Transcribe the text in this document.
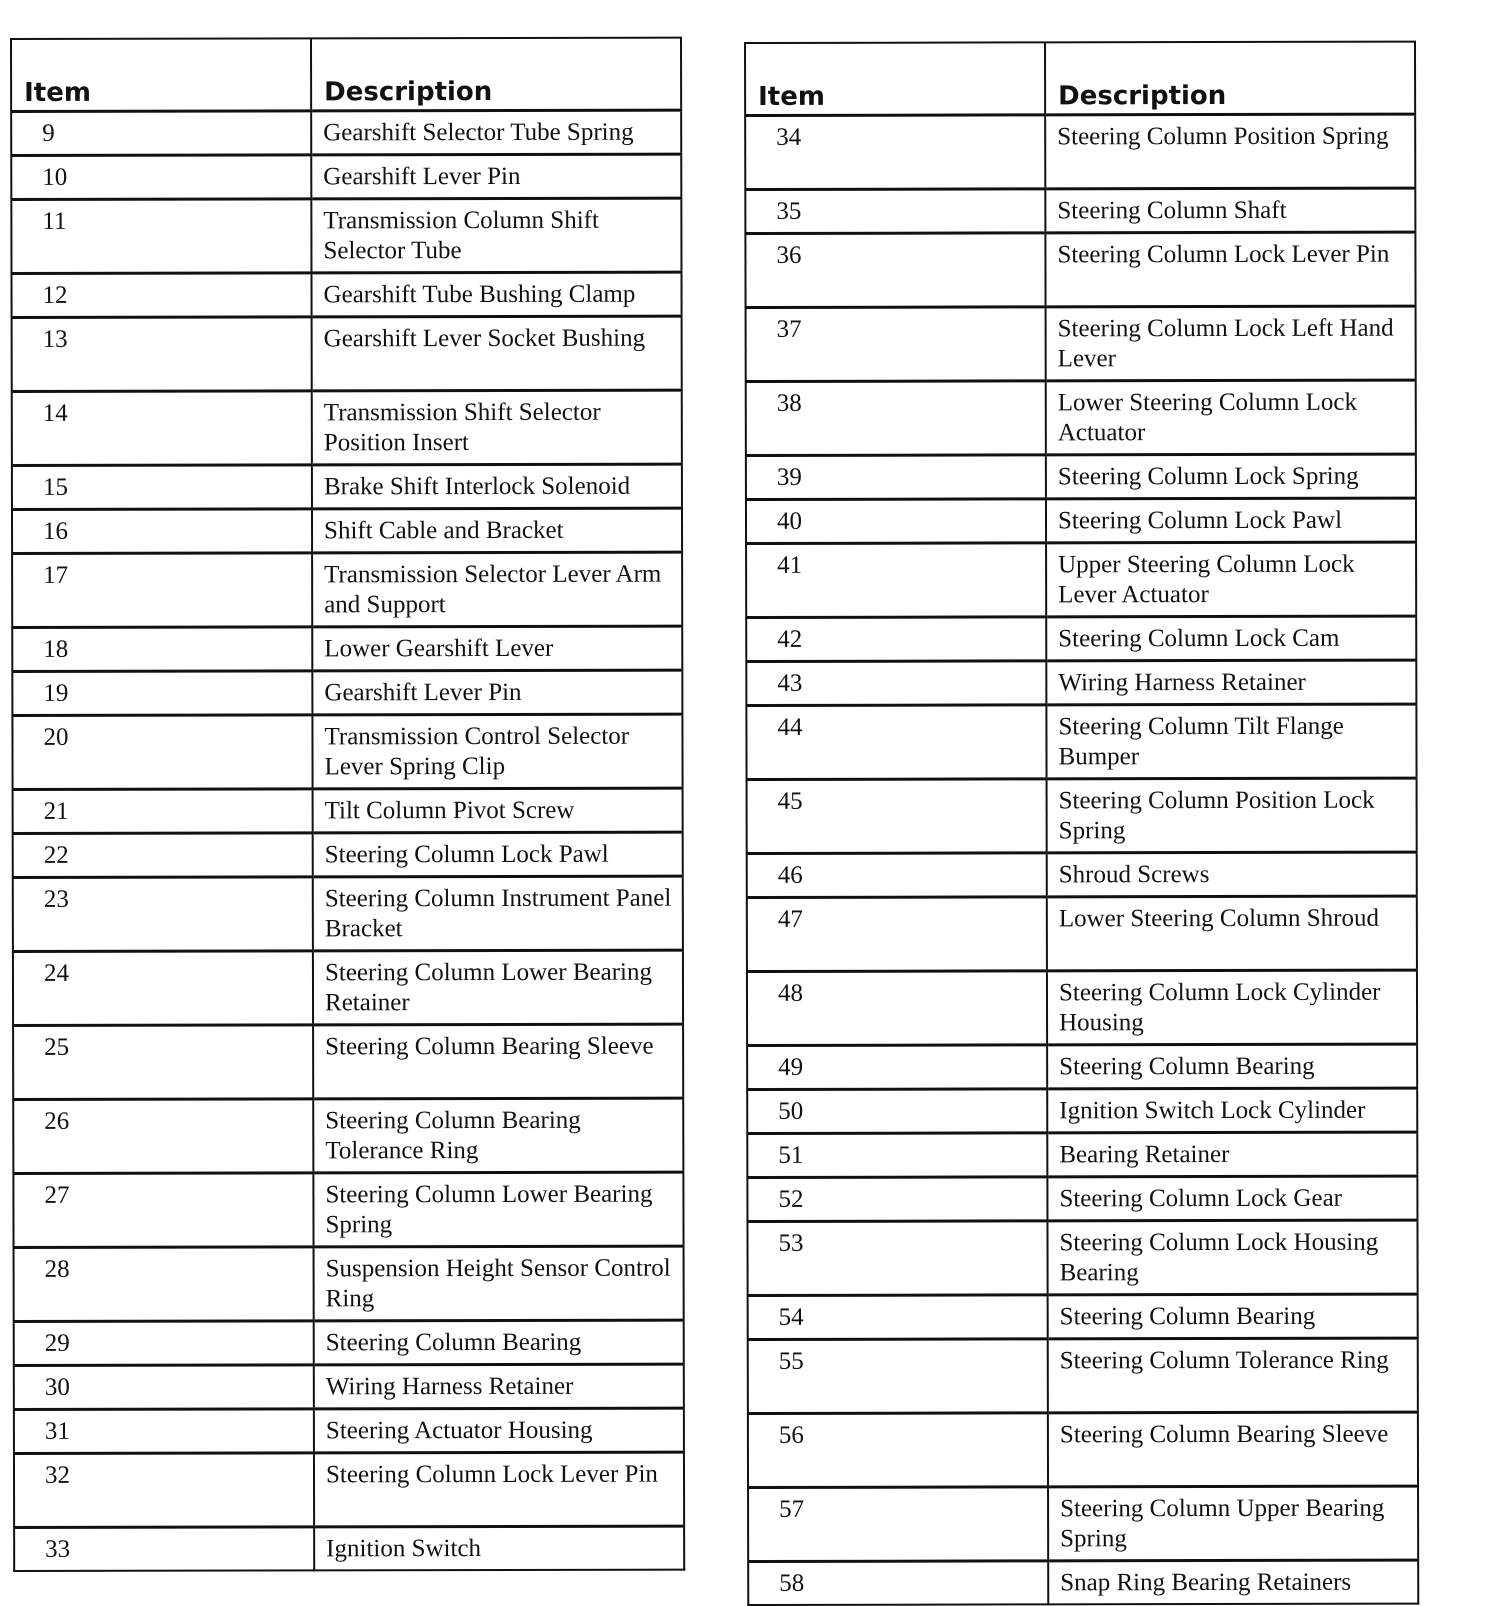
Item	Description
9	Gearshift Selector Tube Spring
10	Gearshift Lever Pin
11	Transmission Column Shift Selector Tube
12	Gearshift Tube Bushing Clamp
13	Gearshift Lever Socket Bushing
14	Transmission Shift Selector Position Insert
15	Brake Shift Interlock Solenoid
16	Shift Cable and Bracket
17	Transmission Selector Lever Arm and Support
18	Lower Gearshift Lever
19	Gearshift Lever Pin
20	Transmission Control Selector Lever Spring Clip
21	Tilt Column Pivot Screw
22	Steering Column Lock Pawl
23	Steering Column Instrument Panel Bracket
24	Steering Column Lower Bearing Retainer
25	Steering Column Bearing Sleeve
26	Steering Column Bearing Tolerance Ring
27	Steering Column Lower Bearing Spring
28	Suspension Height Sensor Control Ring
29	Steering Column Bearing
30	Wiring Harness Retainer
31	Steering Actuator Housing
32	Steering Column Lock Lever Pin
33	Ignition Switch
Item	Description
34	Steering Column Position Spring
35	Steering Column Shaft
36	Steering Column Lock Lever Pin
37	Steering Column Lock Left Hand Lever
38	Lower Steering Column Lock Actuator
39	Steering Column Lock Spring
40	Steering Column Lock Pawl
41	Upper Steering Column Lock Lever Actuator
42	Steering Column Lock Cam
43	Wiring Harness Retainer
44	Steering Column Tilt Flange Bumper
45	Steering Column Position Lock Spring
46	Shroud Screws
47	Lower Steering Column Shroud
48	Steering Column Lock Cylinder Housing
49	Steering Column Bearing
50	Ignition Switch Lock Cylinder
51	Bearing Retainer
52	Steering Column Lock Gear
53	Steering Column Lock Housing Bearing
54	Steering Column Bearing
55	Steering Column Tolerance Ring
56	Steering Column Bearing Sleeve
57	Steering Column Upper Bearing Spring
58	Snap Ring Bearing Retainers
